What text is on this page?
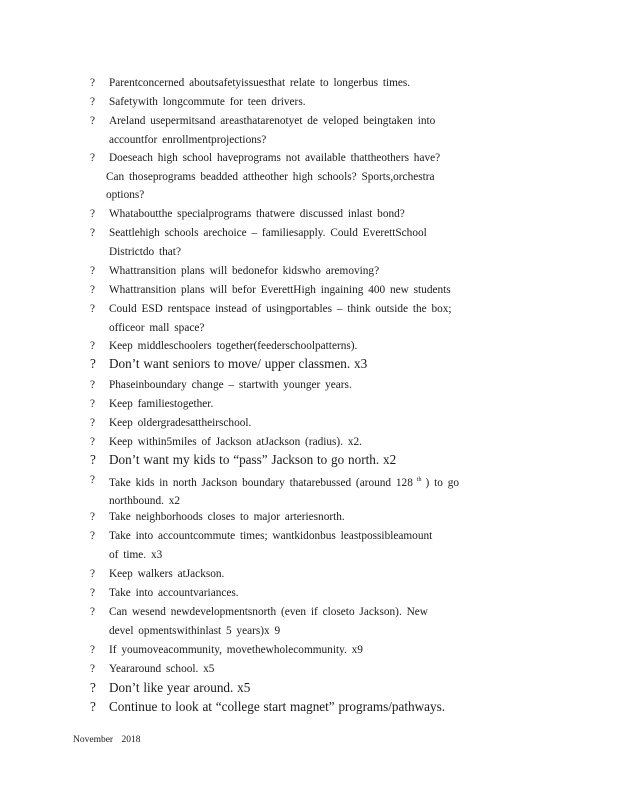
?	Parentconcerned aboutsafetyissuesthat relate to longerbus times.
?	Safetywith longcommute for teen drivers.
?	Areland usepermitsand areasthatarenotyet de veloped beingtaken into
accountfor enrollmentprojections?
?	Doeseach high school haveprograms not available thattheothers have?
Can thoseprograms beadded attheother high schools? Sports,orchestra
options?
?	Whataboutthe specialprograms thatwere discussed inlast bond?
?	Seattlehigh schools arechoice – familiesapply. Could EverettSchool
Districtdo that?
?	Whattransition plans will bedonefor kidswho aremoving?
?	Whattransition plans will befor EverettHigh ingaining 400 new students
?	Could ESD rentspace instead of usingportables – think outside the box;
officeor mall space?
?	Keep middleschoolers together(feederschoolpatterns).
? Don’t want seniors to move/ upper classmen. x3
?	Phaseinboundary change – startwith younger years.
?	Keep familiestogether.
?	Keep oldergradesattheirschool.
?	Keep within5miles of Jackson atJackson (radius). x2.
? Don’t want my kids to “pass” Jackson to go north. x2
?	Take kids in north Jackson boundary thatarebussed (around 128 $^{th}$ ) to go
northbound. x2
?	Take neighborhoods closes to major arteriesnorth.
?	Take into accountcommute times; wantkidonbus leastpossibleamount
of time. x3
?	Keep walkers atJackson.
?	Take into accountvariances.
?	Can wesend newdevelopmentsnorth (even if closeto Jackson). New
devel opmentswithinlast 5 years)x 9
?	If youmoveacommunity, movethewholecommunity. x9
?	Yeararound school. x5
? Don’t like year around. x5
? Continue to look at “college start magnet” programs/pathways.
November 2018
